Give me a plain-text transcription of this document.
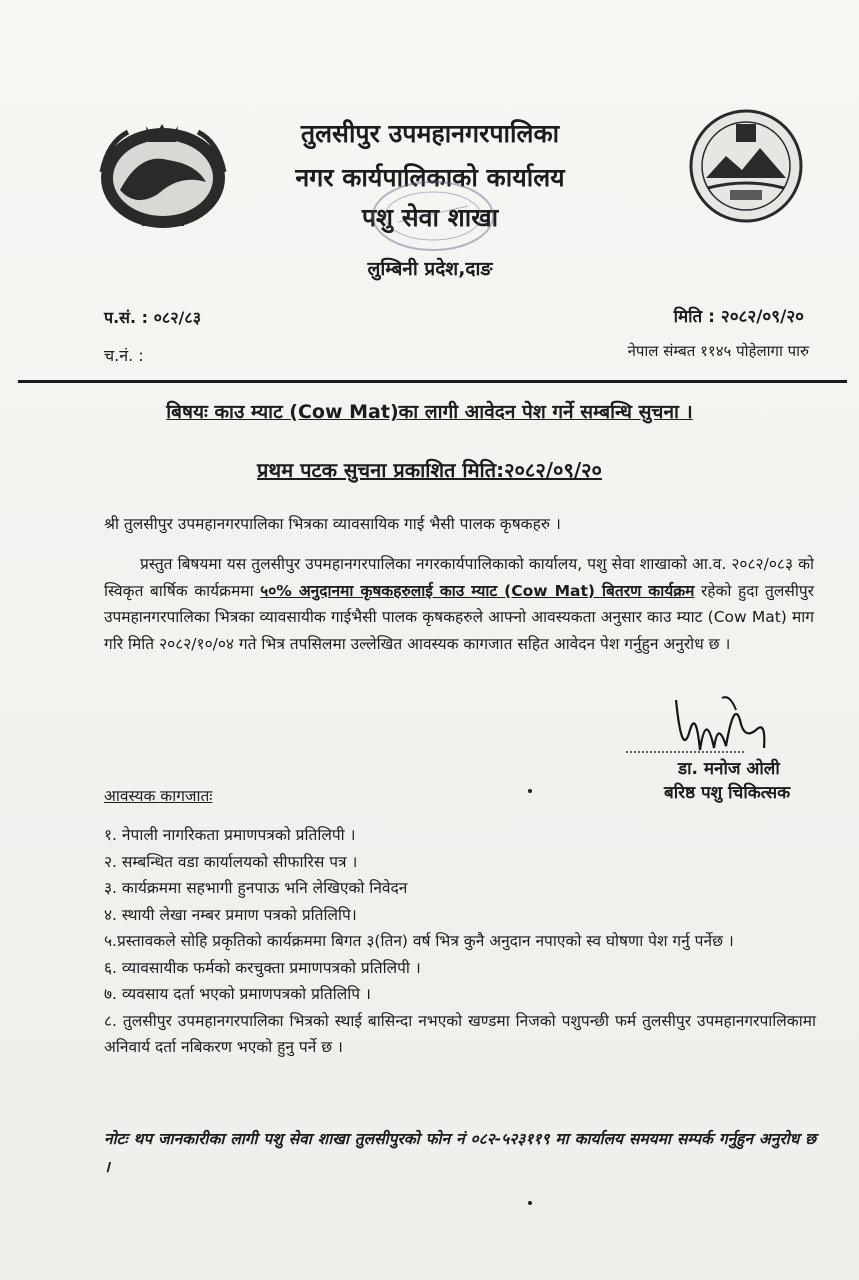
तुलसीपुर उपमहानगरपालिका
नगर कार्यपालिकाको कार्यालय
पशु सेवा शाखा
लुम्बिनी प्रदेश,दाङ
प.सं. : ०८२/८३
च.नं. :
मिति : २०८२/०९/२०
नेपाल संम्बत ११४५ पोहेलागा पारु
बिषयः काउ म्याट (Cow Mat)का लागी आवेदन पेश गर्ने सम्बन्धि सुचना ।
प्रथम पटक सुचना प्रकाशित मिति:२०८२/०९/२०
श्री तुलसीपुर उपमहानगरपालिका भित्रका व्यावसायिक गाई भैसी पालक कृषकहरु ।
प्रस्तुत बिषयमा यस तुलसीपुर उपमहानगरपालिका नगरकार्यपालिकाको कार्यालय, पशु सेवा शाखाको आ.व. २०८२/०८३ को स्विकृत बार्षिक कार्यक्रममा ५०% अनुदानमा कृषकहरुलाई काउ म्याट (Cow Mat) बितरण कार्यक्रम रहेको हुदा तुलसीपुर उपमहानगरपालिका भित्रका व्यावसायीक गाईभैसी पालक कृषकहरुले आफ्नो आवस्यकता अनुसार काउ म्याट (Cow Mat) माग गरि मिति २०८२/१०/०४ गते भित्र तपसिलमा उल्लेखित आवस्यक कागजात सहित आवेदन पेश गर्नुहुन अनुरोध छ ।
डा. मनोज ओली
बरिष्ठ पशु चिकित्सक
आवस्यक कागजातः
१. नेपाली नागरिकता प्रमाणपत्रको प्रतिलिपी ।
२. सम्बन्धित वडा कार्यालयको सीफारिस पत्र ।
३. कार्यक्रममा सहभागी हुनपाऊ भनि लेखिएको निवेदन
४. स्थायी लेखा नम्बर प्रमाण पत्रको प्रतिलिपि।
५.प्रस्तावकले सोहि प्रकृतिको कार्यक्रममा बिगत ३(तिन) वर्ष भित्र कुनै अनुदान नपाएको स्व घोषणा पेश गर्नु पर्नेछ ।
६. व्यावसायीक फर्मको करचुक्ता प्रमाणपत्रको प्रतिलिपी ।
७. व्यवसाय दर्ता भएको प्रमाणपत्रको प्रतिलिपि ।
८. तुलसीपुर उपमहानगरपालिका भित्रको स्थाई बासिन्दा नभएको खण्डमा निजको पशुपन्छी फर्म तुलसीपुर उपमहानगरपालिकामा अनिवार्य दर्ता नबिकरण भएको हुनु पर्ने छ ।
नोटः थप जानकारीका लागी पशु सेवा शाखा तुलसीपुरको फोन नं ०८२-५२३११९ मा कार्यालय समयमा सम्पर्क गर्नुहुन अनुरोध छ ।
